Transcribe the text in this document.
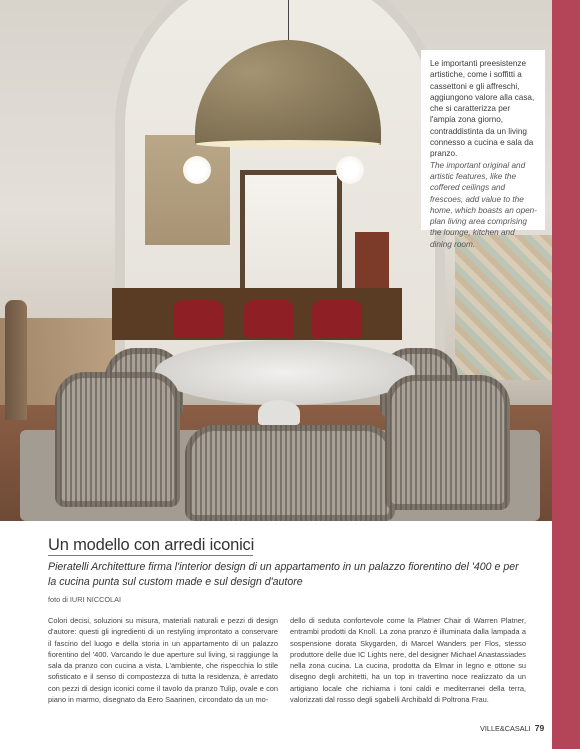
Le importanti preesistenze artistiche, come i soffitti a cassettoni e gli affreschi, aggiungono valore alla casa, che si caratterizza per l'ampia zona giorno, contraddistinta da un living connesso a cucina e sala da pranzo.
The important original and artistic features, like the coffered ceilings and frescoes, add value to the home, which boasts an open-plan living area comprising the lounge, kitchen and dining room.
Un modello con arredi iconici
Pieratelli Architetture firma l'interior design di un appartamento in un palazzo fiorentino del '400 e per la cucina punta sul custom made e sul design d'autore
foto di IURI NICCOLAI
Colori decisi, soluzioni su misura, materiali naturali e pezzi di design d'autore: questi gli ingredienti di un restyling improntato a conservare il fascino del luogo e della storia in un appartamento di un palazzo fiorentino del '400. Varcando le due aperture sul living, si raggiunge la sala da pranzo con cucina a vista. L'ambiente, che rispecchia lo stile sofisticato e il senso di compostezza di tutta la residenza, è arredato con pezzi di design iconici come il tavolo da pranzo Tulip, ovale e con piano in marmo, disegnato da Eero Saarinen, circondato da un mo-
dello di seduta confortevole come la Platner Chair di Warren Platner, entrambi prodotti da Knoll. La zona pranzo è illuminata dalla lampada a sospensione dorata Skygarden, di Marcel Wanders per Flos, stesso produttore delle due IC Lights nere, del designer Michael Anastassiades nella zona cucina. La cucina, prodotta da Elmar in legno e ottone su disegno degli architetti, ha un top in travertino noce realizzato da un artigiano locale che richiama i toni caldi e mediterranei della terra, valorizzati dal rosso degli sgabelli Archibald di Poltrona Frau.
VILLE&CASALI 79
